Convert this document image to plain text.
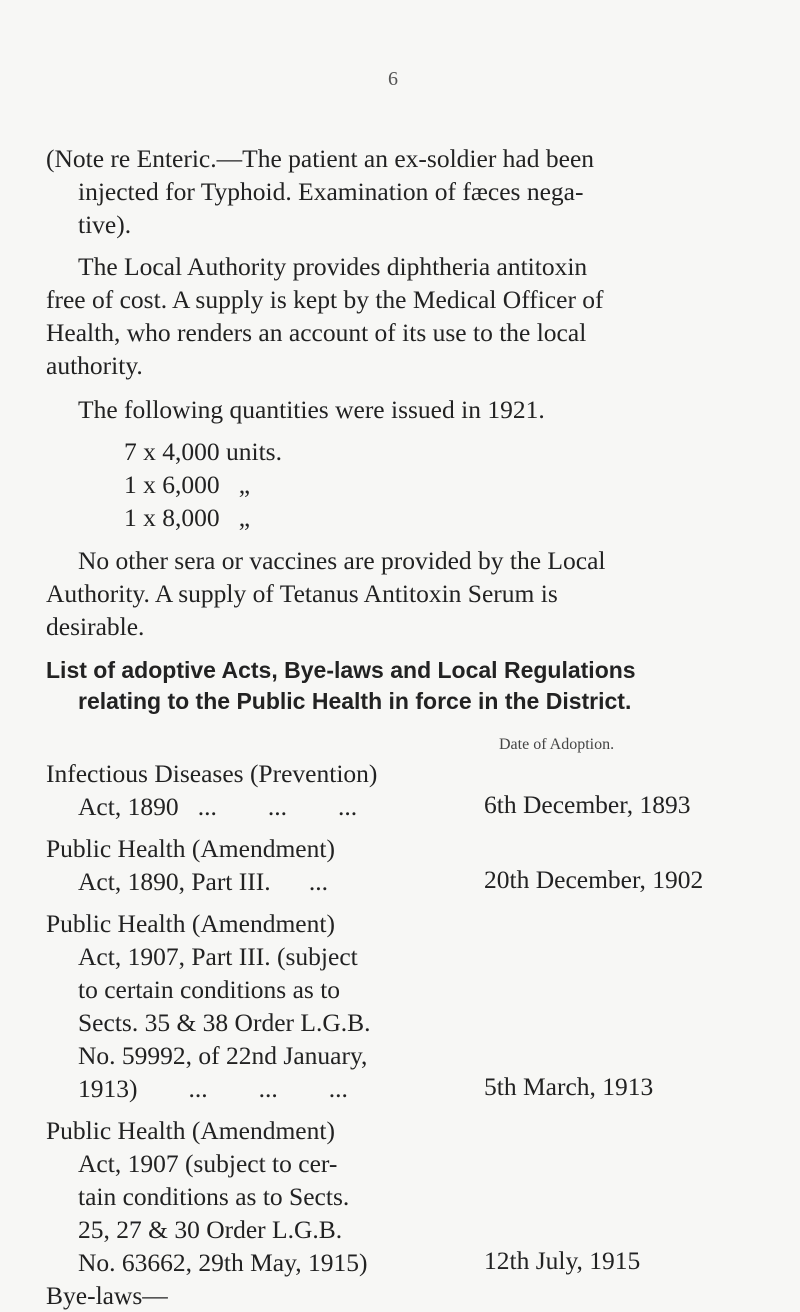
6
(Note re Enteric.—The patient an ex-soldier had been
injected for Typhoid. Examination of fæces nega-
tive).
The Local Authority provides diphtheria antitoxin
free of cost. A supply is kept by the Medical Officer of
Health, who renders an account of its use to the local
authority.
The following quantities were issued in 1921.
7 x 4,000 units.
1 x 6,000   „
1 x 8,000   „
No other sera or vaccines are provided by the Local
Authority. A supply of Tetanus Antitoxin Serum is
desirable.
List of adoptive Acts, Bye-laws and Local Regulations
relating to the Public Health in force in the District.
Date of Adoption.
Infectious Diseases (Prevention)
Act, 1890   ...        ...        ...	6th December, 1893
Public Health (Amendment)
Act, 1890, Part III.      ...	20th December, 1902
Public Health (Amendment)
Act, 1907, Part III. (subject
to certain conditions as to
Sects. 35 & 38 Order L.G.B.
No. 59992, of 22nd January,
1913)        ...        ...        ...	5th March, 1913
Public Health (Amendment)
Act, 1907 (subject to cer-
tain conditions as to Sects.
25, 27 & 30 Order L.G.B.
No. 63662, 29th May, 1915)	12th July, 1915
Bye-laws—
